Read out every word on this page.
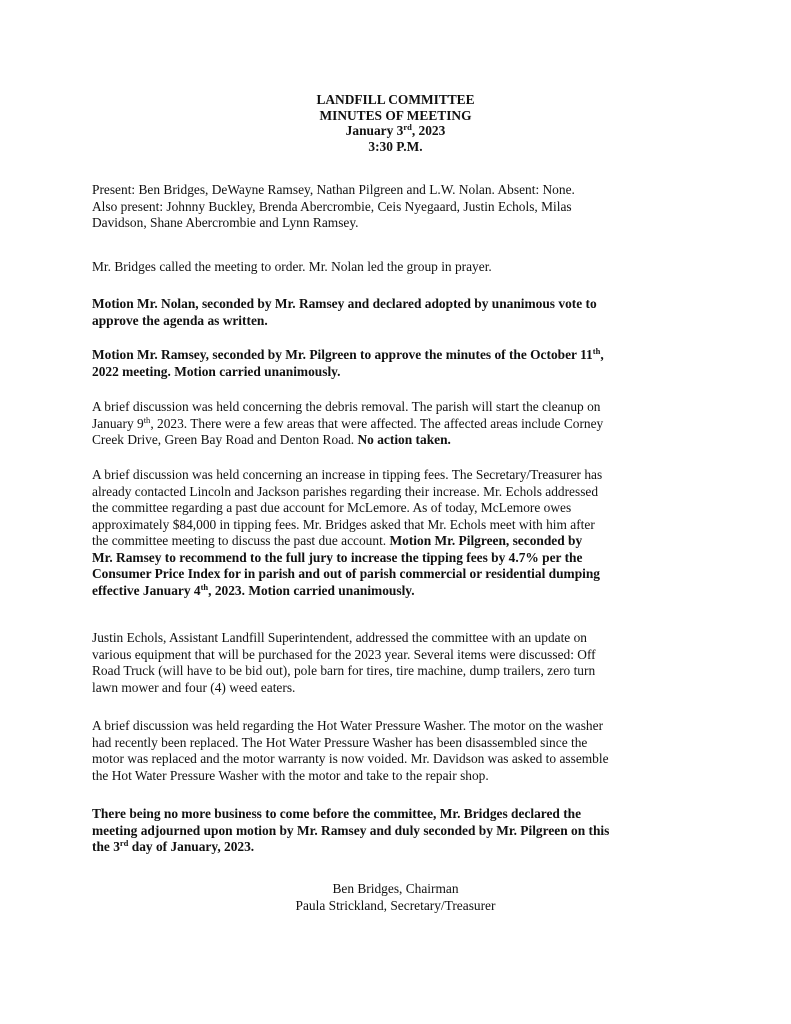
LANDFILL COMMITTEE
MINUTES OF MEETING
January 3rd, 2023
3:30 P.M.
Present: Ben Bridges, DeWayne Ramsey, Nathan Pilgreen and L.W. Nolan. Absent: None.
Also present: Johnny Buckley, Brenda Abercrombie, Ceis Nyegaard, Justin Echols, Milas
Davidson, Shane Abercrombie and Lynn Ramsey.
Mr. Bridges called the meeting to order. Mr. Nolan led the group in prayer.
Motion Mr. Nolan, seconded by Mr. Ramsey and declared adopted by unanimous vote to
approve the agenda as written.
Motion Mr. Ramsey, seconded by Mr. Pilgreen to approve the minutes of the October 11th,
2022 meeting. Motion carried unanimously.
A brief discussion was held concerning the debris removal. The parish will start the cleanup on
January 9th, 2023. There were a few areas that were affected. The affected areas include Corney
Creek Drive, Green Bay Road and Denton Road. No action taken.
A brief discussion was held concerning an increase in tipping fees. The Secretary/Treasurer has
already contacted Lincoln and Jackson parishes regarding their increase. Mr. Echols addressed
the committee regarding a past due account for McLemore. As of today, McLemore owes
approximately $84,000 in tipping fees. Mr. Bridges asked that Mr. Echols meet with him after
the committee meeting to discuss the past due account. Motion Mr. Pilgreen, seconded by
Mr. Ramsey to recommend to the full jury to increase the tipping fees by 4.7% per the
Consumer Price Index for in parish and out of parish commercial or residential dumping
effective January 4th, 2023. Motion carried unanimously.
Justin Echols, Assistant Landfill Superintendent, addressed the committee with an update on
various equipment that will be purchased for the 2023 year. Several items were discussed: Off
Road Truck (will have to be bid out), pole barn for tires, tire machine, dump trailers, zero turn
lawn mower and four (4) weed eaters.
A brief discussion was held regarding the Hot Water Pressure Washer. The motor on the washer
had recently been replaced. The Hot Water Pressure Washer has been disassembled since the
motor was replaced and the motor warranty is now voided. Mr. Davidson was asked to assemble
the Hot Water Pressure Washer with the motor and take to the repair shop.
There being no more business to come before the committee, Mr. Bridges declared the
meeting adjourned upon motion by Mr. Ramsey and duly seconded by Mr. Pilgreen on this
the 3rd day of January, 2023.
Ben Bridges, Chairman
Paula Strickland, Secretary/Treasurer
